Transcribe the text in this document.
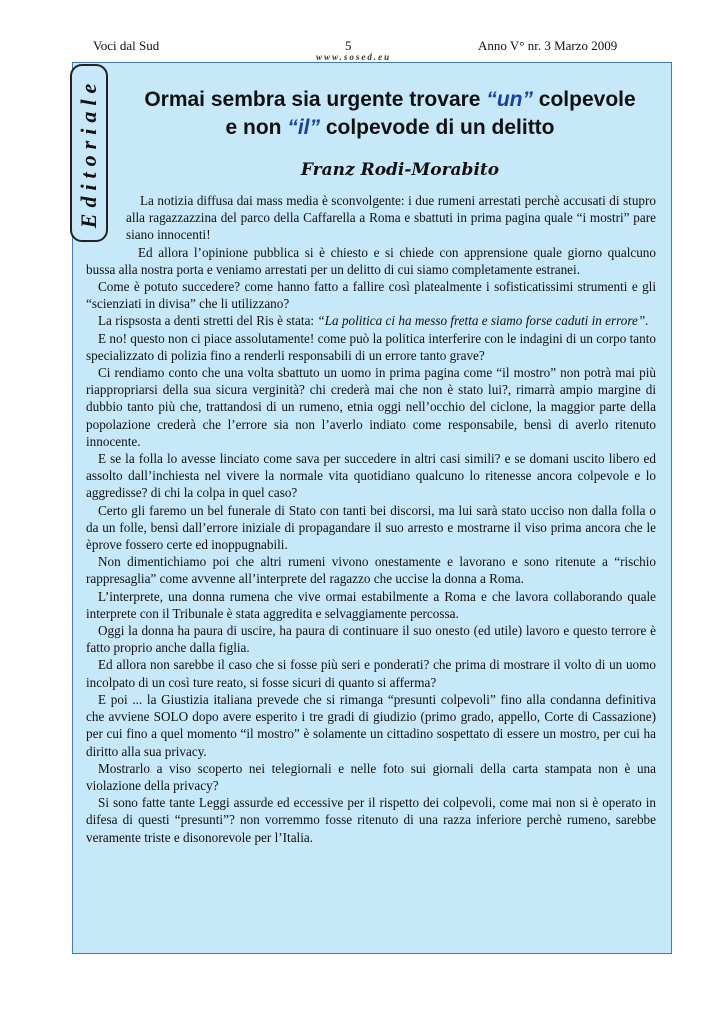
Voci dal Sud	5	Anno V° nr. 3 Marzo 2009
www.sosed.eu
Editoriale	Ormai sembra sia urgente trovare “un” colpevole
e non “il” colpevode di un delitto
Franz Rodi-Morabito

La notizia diffusa dai mass media è sconvolgente: i due rumeni arrestati perchè accusati di stupro alla ragazzazzina del parco della Caffarella a Roma e sbattuti in prima pagina quale “i mostri” pare siano innocenti!

Ed allora l’opinione pubblica si è chiesto e si chiede con apprensione quale giorno qualcuno bussa alla nostra porta e veniamo arrestati per un delitto di cui siamo completamente estranei.

Come è potuto succedere? come hanno fatto a fallire così platealmente i sofisticatissimi strumenti e gli “scienziati in divisa” che li utilizzano?

La rispsosta a denti stretti del Ris è stata: “La politica ci ha messo fretta e siamo forse caduti in errore”.

E no! questo non ci piace assolutamente! come può la politica interferire con le indagini di un corpo tanto specializzato di polizia fino a renderli responsabili di un errore tanto grave?

Ci rendiamo conto che una volta sbattuto un uomo in prima pagina come “il mostro” non potrà mai più riappropriarsi della sua sicura verginità? chi crederà mai che non è stato lui?, rimarrà ampio margine di dubbio tanto più che, trattandosi di un rumeno, etnia oggi nell’occhio del ciclone, la maggior parte della popolazione crederà che l’errore sia non l’averlo indiato come responsabile, bensì di averlo ritenuto innocente.

E se la folla lo avesse linciato come sava per succedere in altri casi simili? e se domani uscito libero ed assolto dall’inchiesta nel vivere la normale vita quotidiano qualcuno lo ritenesse ancora colpevole e lo aggredisse? di chi la colpa in quel caso?

Certo gli faremo un bel funerale di Stato con tanti bei discorsi, ma lui sarà stato ucciso non dalla folla o da un folle, bensì dall’errore iniziale di propagandare il suo arresto e mostrarne il viso prima ancora che le èprove fossero certe ed inoppugnabili.

Non dimentichiamo poi che altri rumeni vivono onestamente e lavorano e sono ritenute a “rischio rappresaglia” come avvenne all’interprete del ragazzo che uccise la donna a Roma.

L’interprete, una donna rumena che vive ormai estabilmente a Roma e che lavora collaborando quale interprete con il Tribunale è stata aggredita e selvaggiamente percossa.

Oggi la donna ha paura di uscire, ha paura di continuare il suo onesto (ed utile) lavoro e questo terrore è fatto proprio anche dalla figlia.

Ed allora non sarebbe il caso che si fosse più seri e ponderati? che prima di mostrare il volto di un uomo incolpato di un così ture reato, si fosse sicuri di quanto si afferma?

E poi ... la Giustizia italiana prevede che si rimanga “presunti colpevoli” fino alla condanna definitiva che avviene SOLO dopo avere esperito i tre gradi di giudizio (primo grado, appello, Corte di Cassazione) per cui fino a quel momento “il mostro” è solamente un cittadino sospettato di essere un mostro, per cui ha diritto alla sua privacy.

Mostrarlo a viso scoperto nei telegiornali e nelle foto sui giornali della carta stampata non è una violazione della privacy?

Si sono fatte tante Leggi assurde ed eccessive per il rispetto dei colpevoli, come mai non si è operato in difesa di questi “presunti”? non vorremmo fosse ritenuto di una razza inferiore perchè rumeno, sarebbe veramente triste e disonorevole per l’Italia.
